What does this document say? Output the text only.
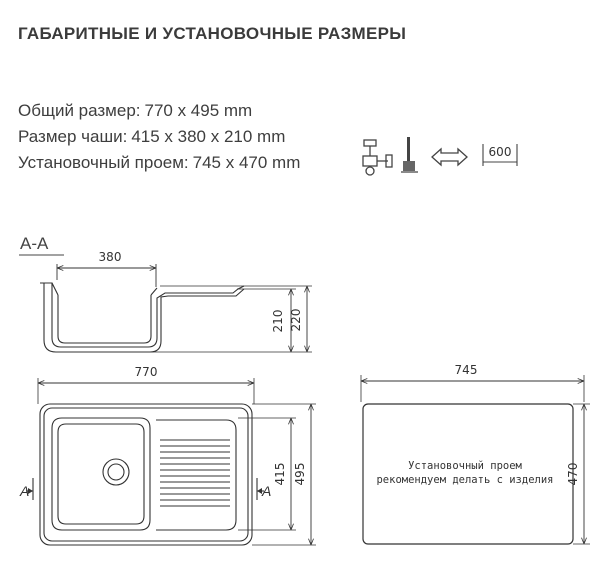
ГАБАРИТНЫЕ И УСТАНОВОЧНЫЕ РАЗМЕРЫ
Общий размер: 770 x 495 mm
Размер чаши: 415 x 380 x 210 mm
Установочный проем: 745 x 470 mm
600
A-A
380
210 220
770
A	A
415 495
745
Установочный проем
рекомендуем делать с изделия 470
